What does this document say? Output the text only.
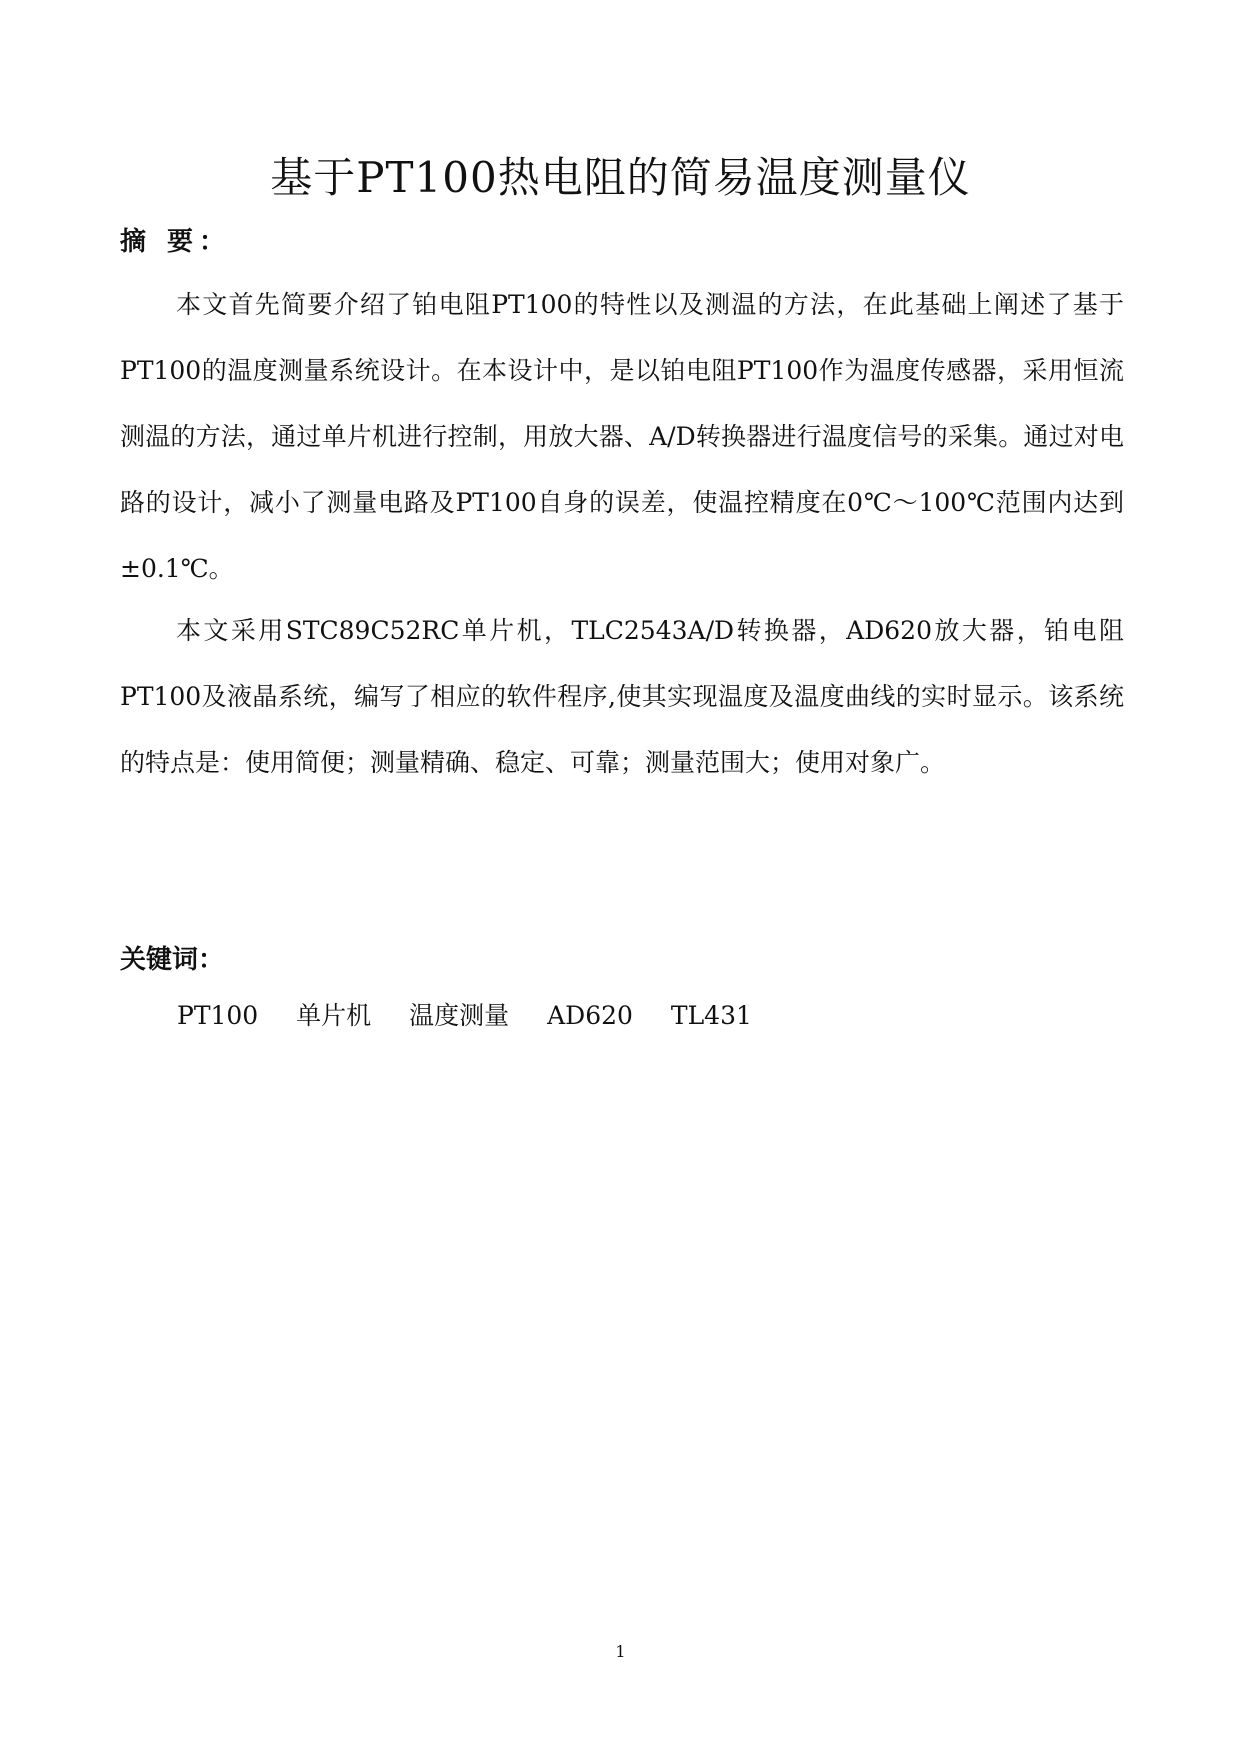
基于PT100热电阻的简易温度测量仪
摘 要：

本文首先简要介绍了铂电阻PT100的特性以及测温的方法，在此基础上阐述了基于PT100的温度测量系统设计。在本设计中，是以铂电阻PT100作为温度传感器，采用恒流测温的方法，通过单片机进行控制，用放大器、A/D转换器进行温度信号的采集。通过对电路的设计，减小了测量电路及PT100自身的误差，使温控精度在0℃～100℃范围内达到±0.1℃。

本文采用STC89C52RC单片机，TLC2543A/D转换器，AD620放大器，铂电阻PT100及液晶系统，编写了相应的软件程序,使其实现温度及温度曲线的实时显示。该系统的特点是：使用简便；测量精确、稳定、可靠；测量范围大；使用对象广。

关键词：
PT100 单片机 温度测量 AD620 TL431
1
